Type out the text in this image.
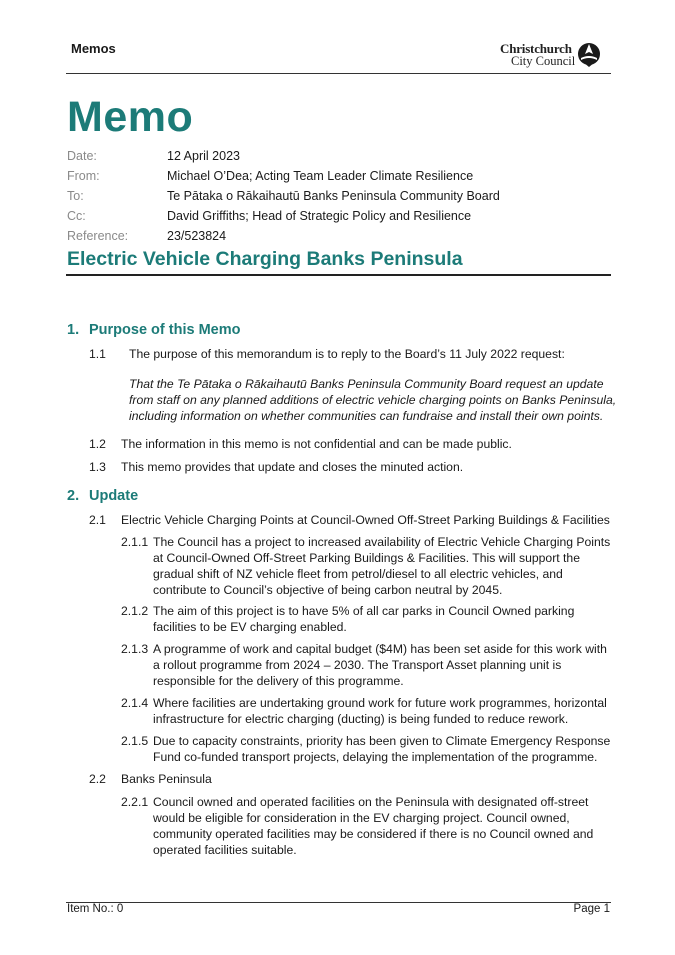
Memos	Christchurch
City Council
Memo
Date:	12 April 2023
From:	Michael O’Dea; Acting Team Leader Climate Resilience
To:	Te Pātaka o Rākaihautū Banks Peninsula Community Board
Cc:	David Griffiths; Head of Strategic Policy and Resilience
Reference:	23/523824
Electric Vehicle Charging Banks Peninsula
1. Purpose of this Memo
1.1 The purpose of this memorandum is to reply to the Board’s 11 July 2022 request:
That the Te Pātaka o Rākaihautū Banks Peninsula Community Board request an update from staff on any planned additions of electric vehicle charging points on Banks Peninsula, including information on whether communities can fundraise and install their own points.
1.2 The information in this memo is not confidential and can be made public.
1.3 This memo provides that update and closes the minuted action.
2. Update
2.1 Electric Vehicle Charging Points at Council-Owned Off-Street Parking Buildings & Facilities
2.1.1 The Council has a project to increased availability of Electric Vehicle Charging Points at Council-Owned Off-Street Parking Buildings & Facilities. This will support the gradual shift of NZ vehicle fleet from petrol/diesel to all electric vehicles, and contribute to Council’s objective of being carbon neutral by 2045.
2.1.2 The aim of this project is to have 5% of all car parks in Council Owned parking facilities to be EV charging enabled.
2.1.3 A programme of work and capital budget ($4M) has been set aside for this work with a rollout programme from 2024 – 2030. The Transport Asset planning unit is responsible for the delivery of this programme.
2.1.4 Where facilities are undertaking ground work for future work programmes, horizontal infrastructure for electric charging (ducting) is being funded to reduce rework.
2.1.5 Due to capacity constraints, priority has been given to Climate Emergency Response Fund co-funded transport projects, delaying the implementation of the programme.
2.2 Banks Peninsula
2.2.1 Council owned and operated facilities on the Peninsula with designated off-street would be eligible for consideration in the EV charging project. Council owned, community operated facilities may be considered if there is no Council owned and operated facilities suitable.
Item No.: 0	Page 1
